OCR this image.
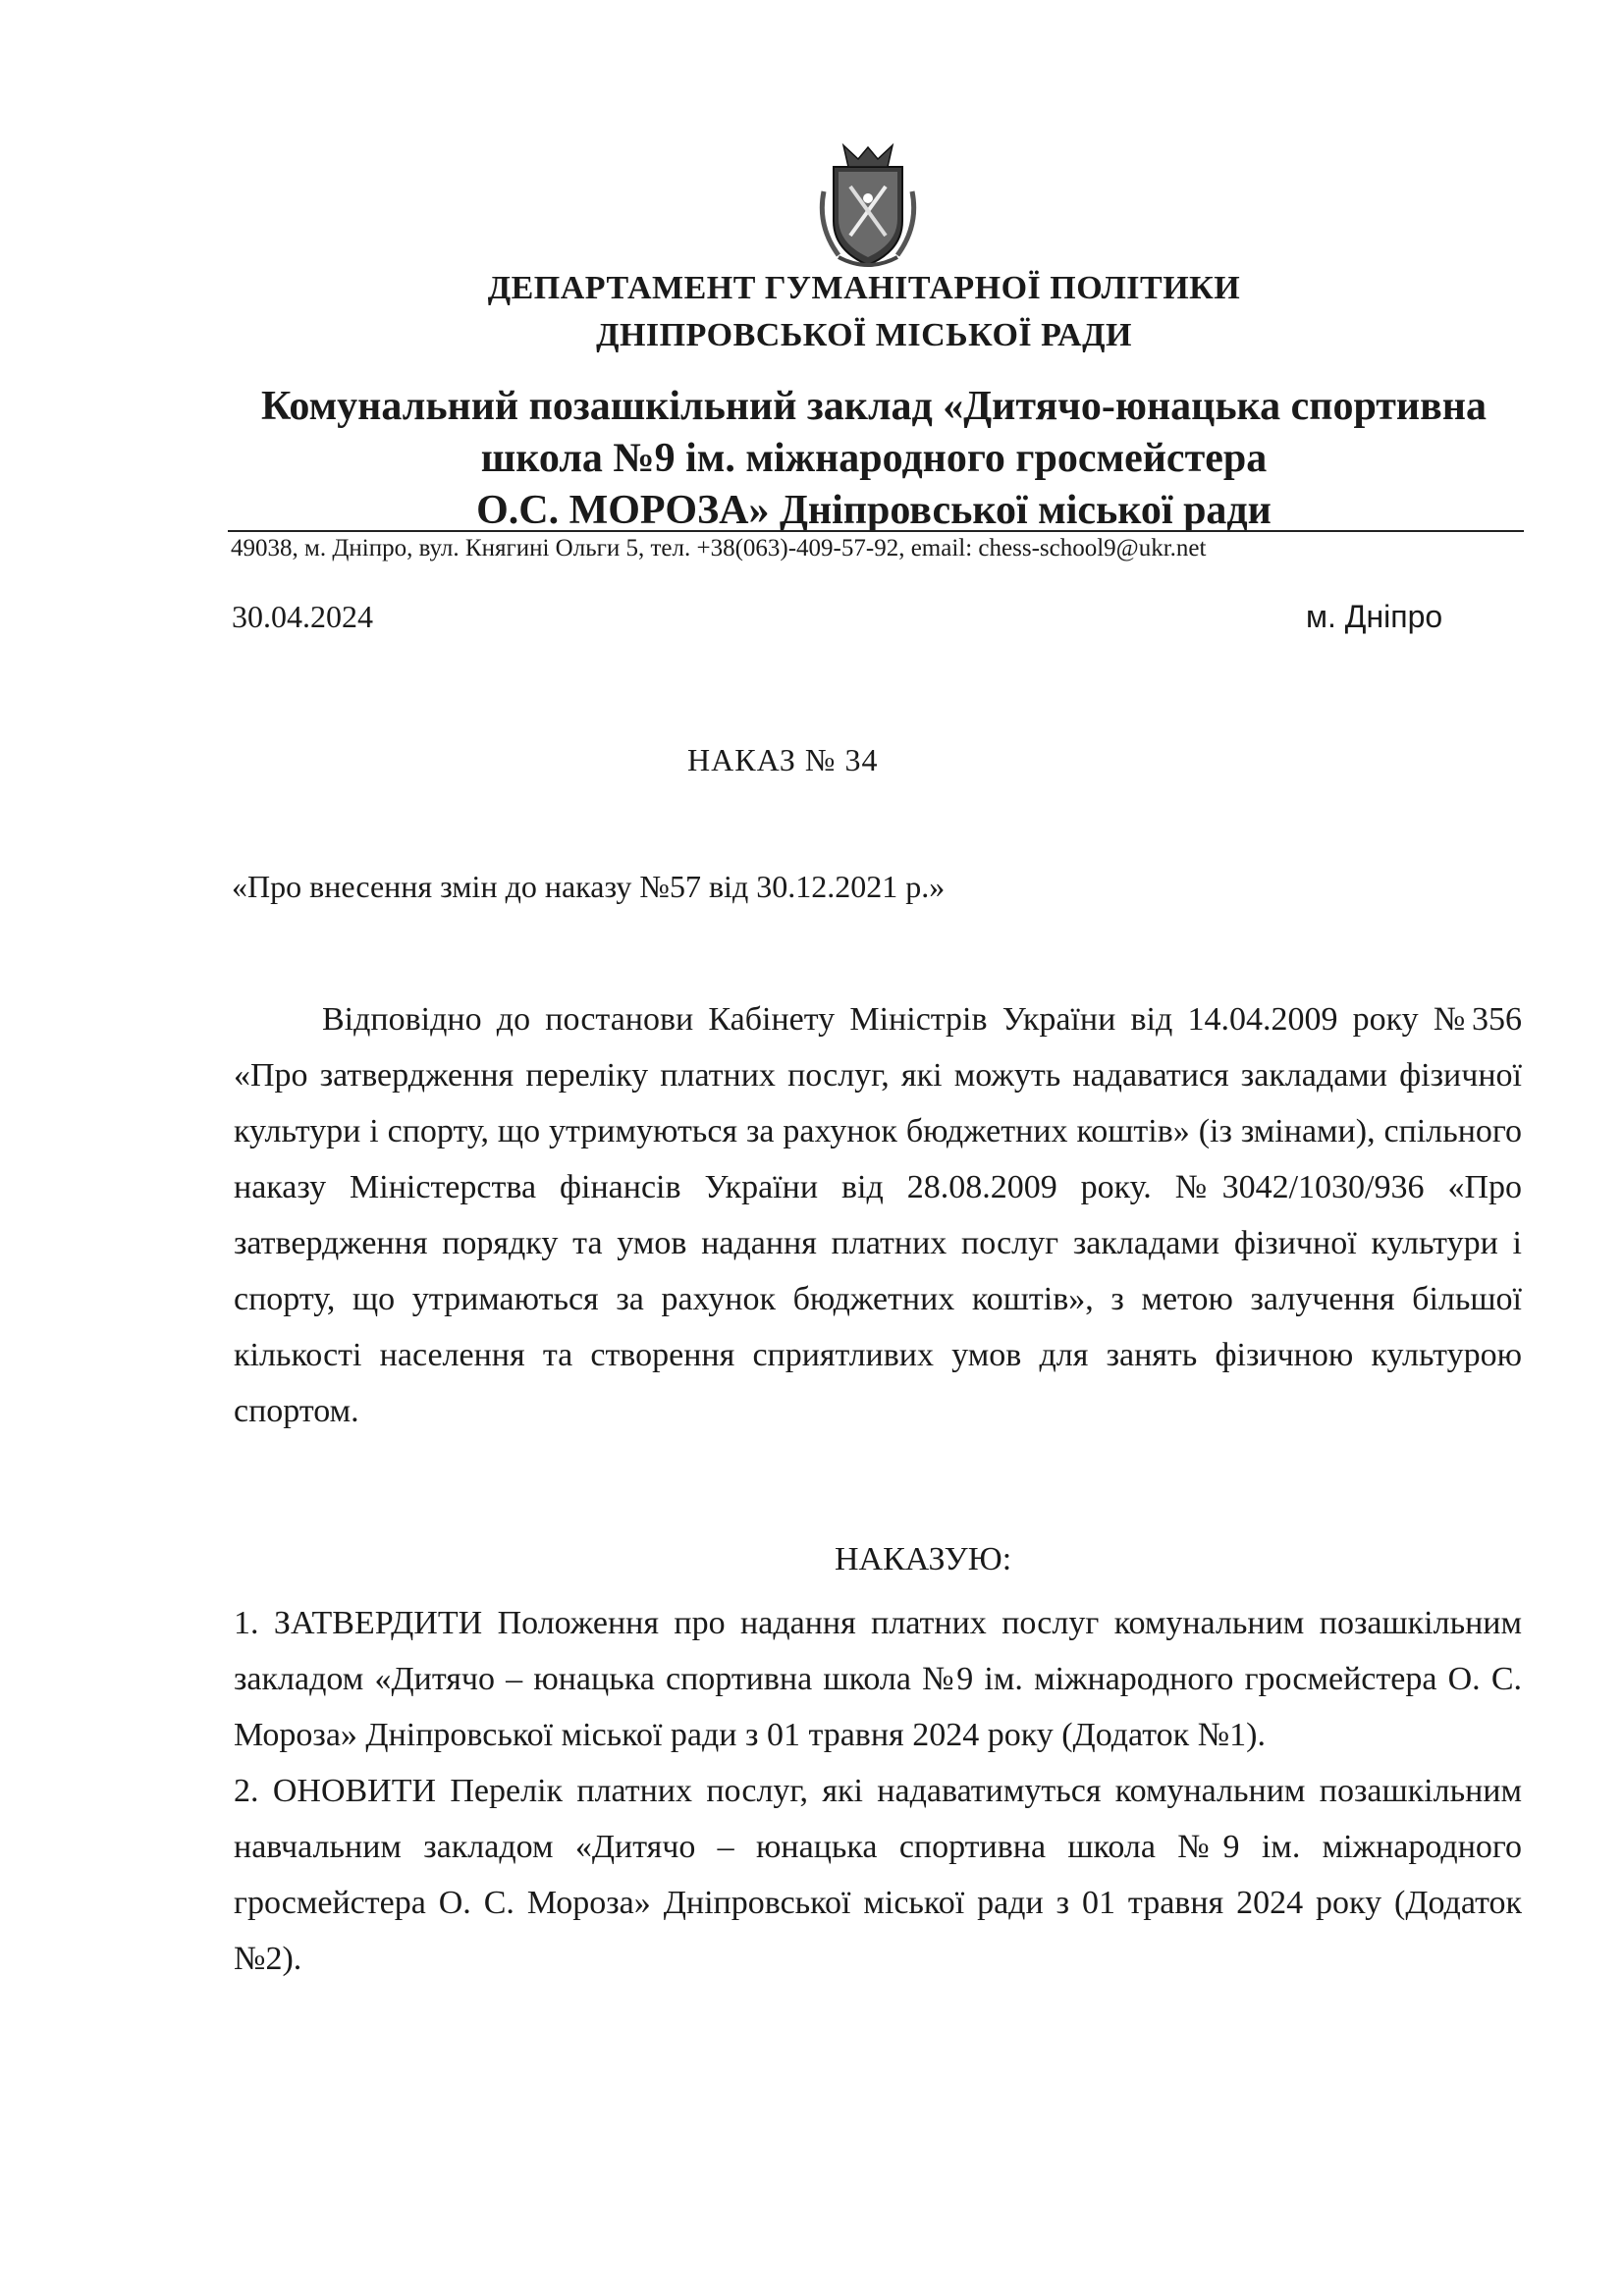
ДЕПАРТАМЕНТ ГУМАНІТАРНОЇ ПОЛІТИКИ
ДНІПРОВСЬКОЇ МІСЬКОЇ РАДИ
Комунальний позашкільний заклад «Дитячо-юнацька спортивна
школа №9 ім. міжнародного гросмейстера
О.С. МОРОЗА» Дніпровської міської ради
49038, м. Дніпро, вул. Княгині Ольги 5, тел. +38(063)-409-57-92, email: chess-school9@ukr.net
30.04.2024	м. Дніпро
НАКАЗ № 34
«Про внесення змін до наказу №57 від 30.12.2021 р.»

Відповідно до постанови Кабінету Міністрів України від 14.04.2009 року №356 «Про затвердження переліку платних послуг, які можуть надаватися закладами фізичної культури і спорту, що утримуються за рахунок бюджетних коштів» (із змінами), спільного наказу Міністерства фінансів України від 28.08.2009 року. №3042/1030/936 «Про затвердження порядку та умов надання платних послуг закладами фізичної культури і спорту, що утримаються за рахунок бюджетних коштів», з метою залучення більшої кількості населення та створення сприятливих умов для занять фізичною культурою спортом.

НАКАЗУЮ:

1. ЗАТВЕРДИТИ Положення про надання платних послуг комунальним позашкільним закладом «Дитячо – юнацька спортивна школа №9 ім. міжнародного гросмейстера О. С. Мороза» Дніпровської міської ради з 01 травня 2024 року (Додаток №1).

2. ОНОВИТИ Перелік платних послуг, які надаватимуться комунальним позашкільним навчальним закладом «Дитячо – юнацька спортивна школа №9 ім. міжнародного гросмейстера О. С. Мороза» Дніпровської міської ради з 01 травня 2024 року (Додаток №2).
